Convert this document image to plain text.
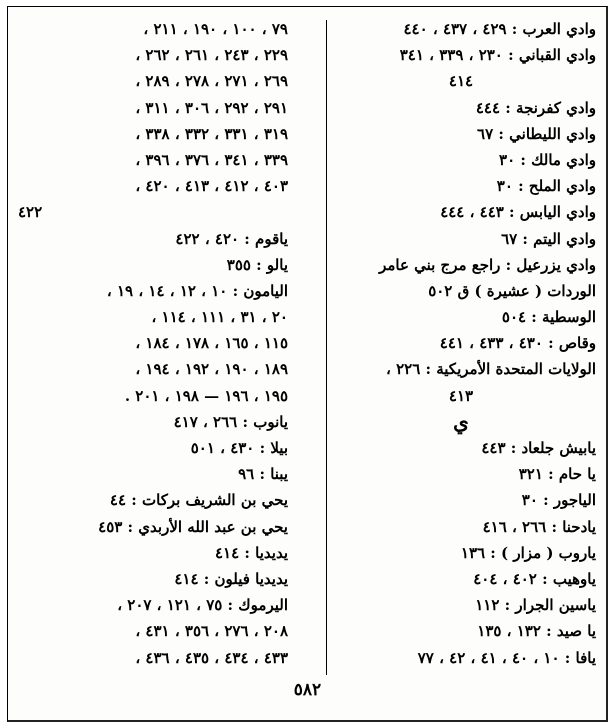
وادي العرب : ٤٢٩ ، ٤٣٧ ، ٤٤٠
وادي القباني : ٢٣٠ ، ٣٣٩ ، ٣٤١
٤١٤
وادي كفرنجة : ٤٤٤
وادي الليطاني : ٦٧
وادي مالك : ٣٠
وادي الملح : ٣٠
وادي اليابس : ٤٤٣ ، ٤٤٤
وادي اليتم : ٦٧
وادي يزرعيل : راجع مرج بني عامر
الوردات ( عشيرة ) ق ٥٠٢
الوسطية : ٥٠٤
وقاص : ٤٣٠ ، ٤٣٣ ، ٤٤١
الولايات المتحدة الأمريكية : ٢٢٦ ،
٤١٣
ي
يابيش جلعاد : ٤٤٣
يا حام : ٣٢١
الياجور : ٣٠
يادحنا : ٢٦٦ ، ٤١٦
ياروب ( مزار ) : ١٣٦
ياوهيب : ٤٠٢ ، ٤٠٤
ياسين الجرار : ١١٢
يا صيد : ١٣٢ ، ١٣٥
يافا : ١٠ ، ٤٠ ، ٤١ ، ٤٢ ، ٧٧
٧٩ ، ١٠٠ ، ١٩٠ ، ٢١١ ،
٢٢٩ ، ٢٤٣ ، ٢٦١ ، ٢٦٢ ،
٢٦٩ ، ٢٧١ ، ٢٧٨ ، ٢٨٩ ،
٢٩١ ، ٢٩٢ ، ٣٠٦ ، ٣١١ ،
٣١٩ ، ٣٣١ ، ٣٣٢ ، ٣٣٨ ،
٣٣٩ ، ٣٤١ ، ٣٧٦ ، ٣٩٦ ،
٤٠٣ ، ٤١٢ ، ٤١٣ ، ٤٢٠ ،
٤٢٢
ياقوم : ٤٢٠ ، ٤٢٢
يالو : ٣٥٥
اليامون : ١٠ ، ١٢ ، ١٤ ، ١٩ ،
٢٠ ، ٣١ ، ١١١ ، ١١٤ ،
١١٥ ، ١٦٥ ، ١٧٨ ، ١٨٤ ،
١٨٩ ، ١٩٠ ، ١٩٢ ، ١٩٤ ،
١٩٥ ، ١٩٦ — ١٩٨ ، ٢٠١ .
يانوب : ٢٦٦ ، ٤١٧
بيلا : ٤٣٠ ، ٥٠١
يبنا : ٩٦
يحي بن الشريف بركات : ٤٤
يحي بن عبد الله الأربدي : ٤٥٣
يديديا : ٤١٤
يديديا فيلون : ٤١٤
اليرموك : ٧٥ ، ١٢١ ، ٢٠٧ ،
٢٠٨ ، ٢٧٦ ، ٣٥٦ ، ٤٣١ ،
٤٣٣ ، ٤٣٤ ، ٤٣٥ ، ٤٣٦ ،
٥٨٢
